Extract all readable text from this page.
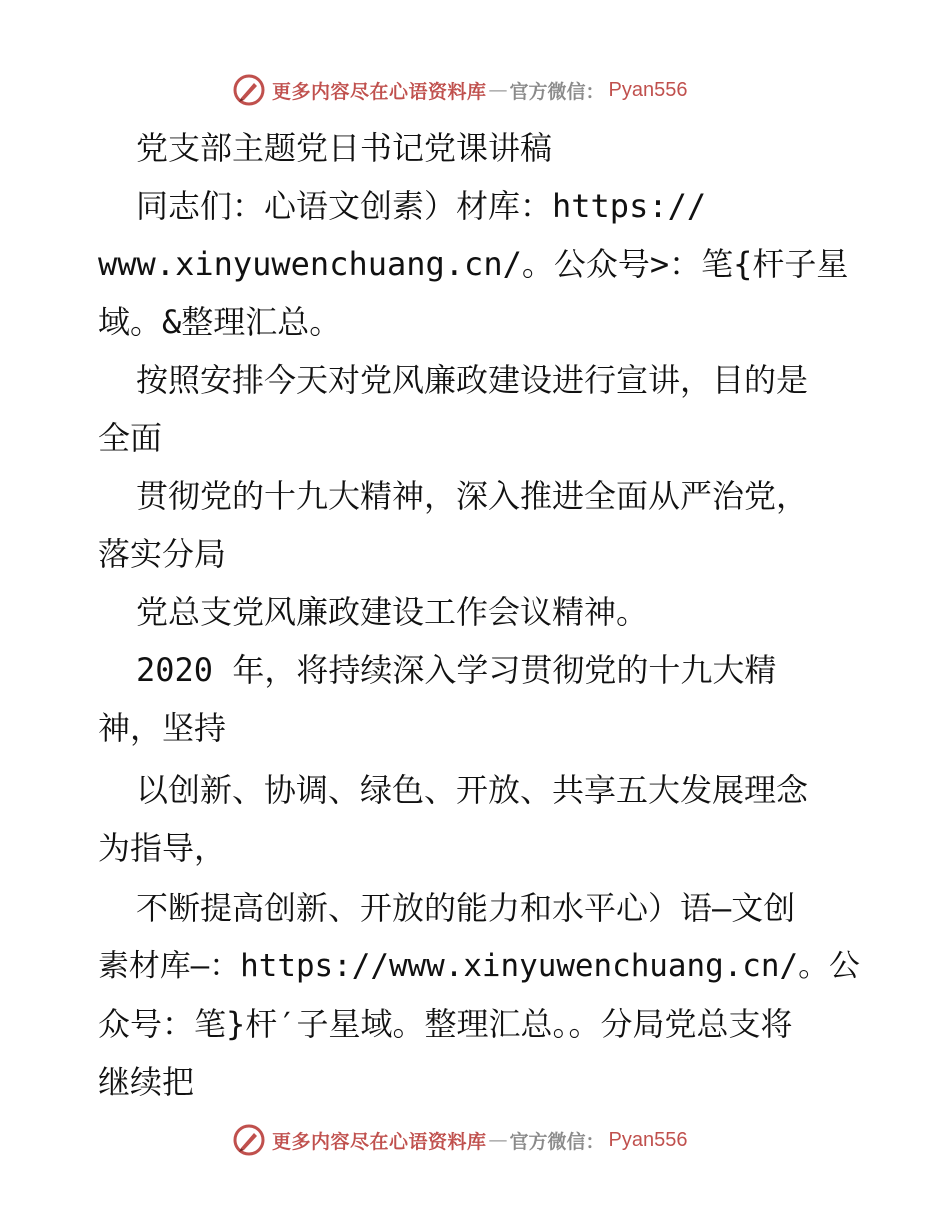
更多内容尽在心语资料库 — 官方微信： Pyan556
党支部主题党日书记党课讲稿
同志们：心语文创素）材库：https://
www.xinyuwenchuang.cn/。公众号>：笔{杆子星
域。&整理汇总。
按照安排今天对党风廉政建设进行宣讲，目的是
全面
贯彻党的十九大精神，深入推进全面从严治党，
落实分局
党总支党风廉政建设工作会议精神。
2020 年，将持续深入学习贯彻党的十九大精
神，坚持
以创新、协调、绿色、开放、共享五大发展理念
为指导，
不断提高创新、开放的能力和水平心）语—文创
素材库—：https://www.xinyuwenchuang.cn/。公
众号：笔}杆′子星域。整理汇总。。分局党总支将
继续把
更多内容尽在心语资料库 — 官方微信： Pyan556
